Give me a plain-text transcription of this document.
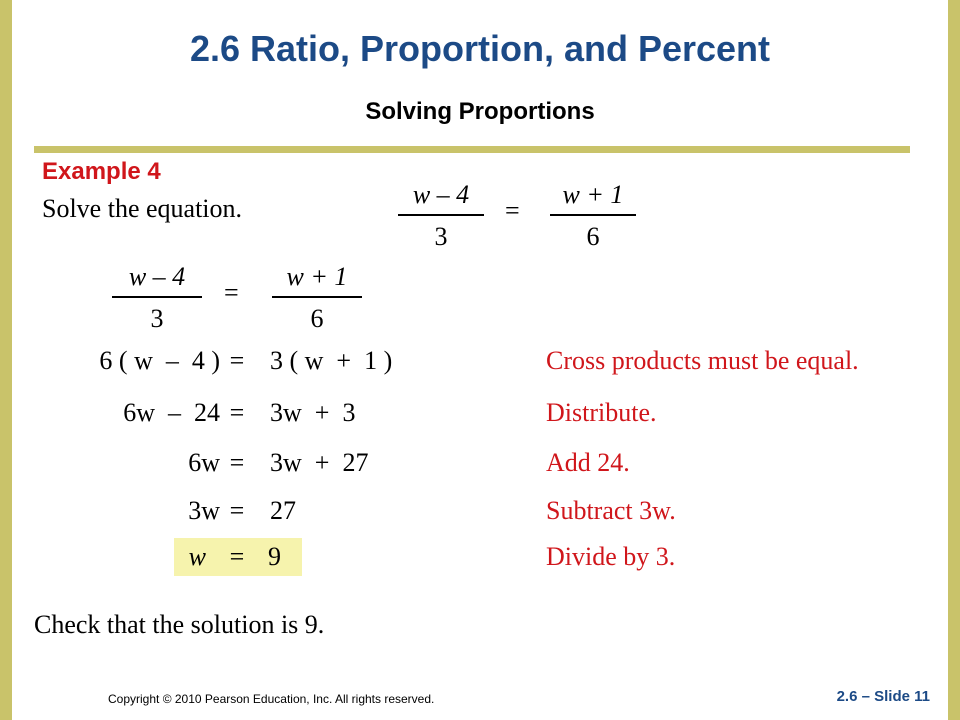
2.6 Ratio, Proportion, and Percent
Solving Proportions
Example 4
Solve the equation.	w – 4
3
=
w + 1
6
w – 4
3
=
w + 1
6
6 ( w  –  4 ) = 3 ( w  +  1 )	Cross products must be equal.
6w  –  24 = 3w  +  3	Distribute.
6w = 3w  +  27	Add 24.
3w = 27	Subtract 3w.
w = 9	Divide by 3.
Check that the solution is 9.
Copyright © 2010 Pearson Education, Inc. All rights reserved.	2.6 – Slide 11
